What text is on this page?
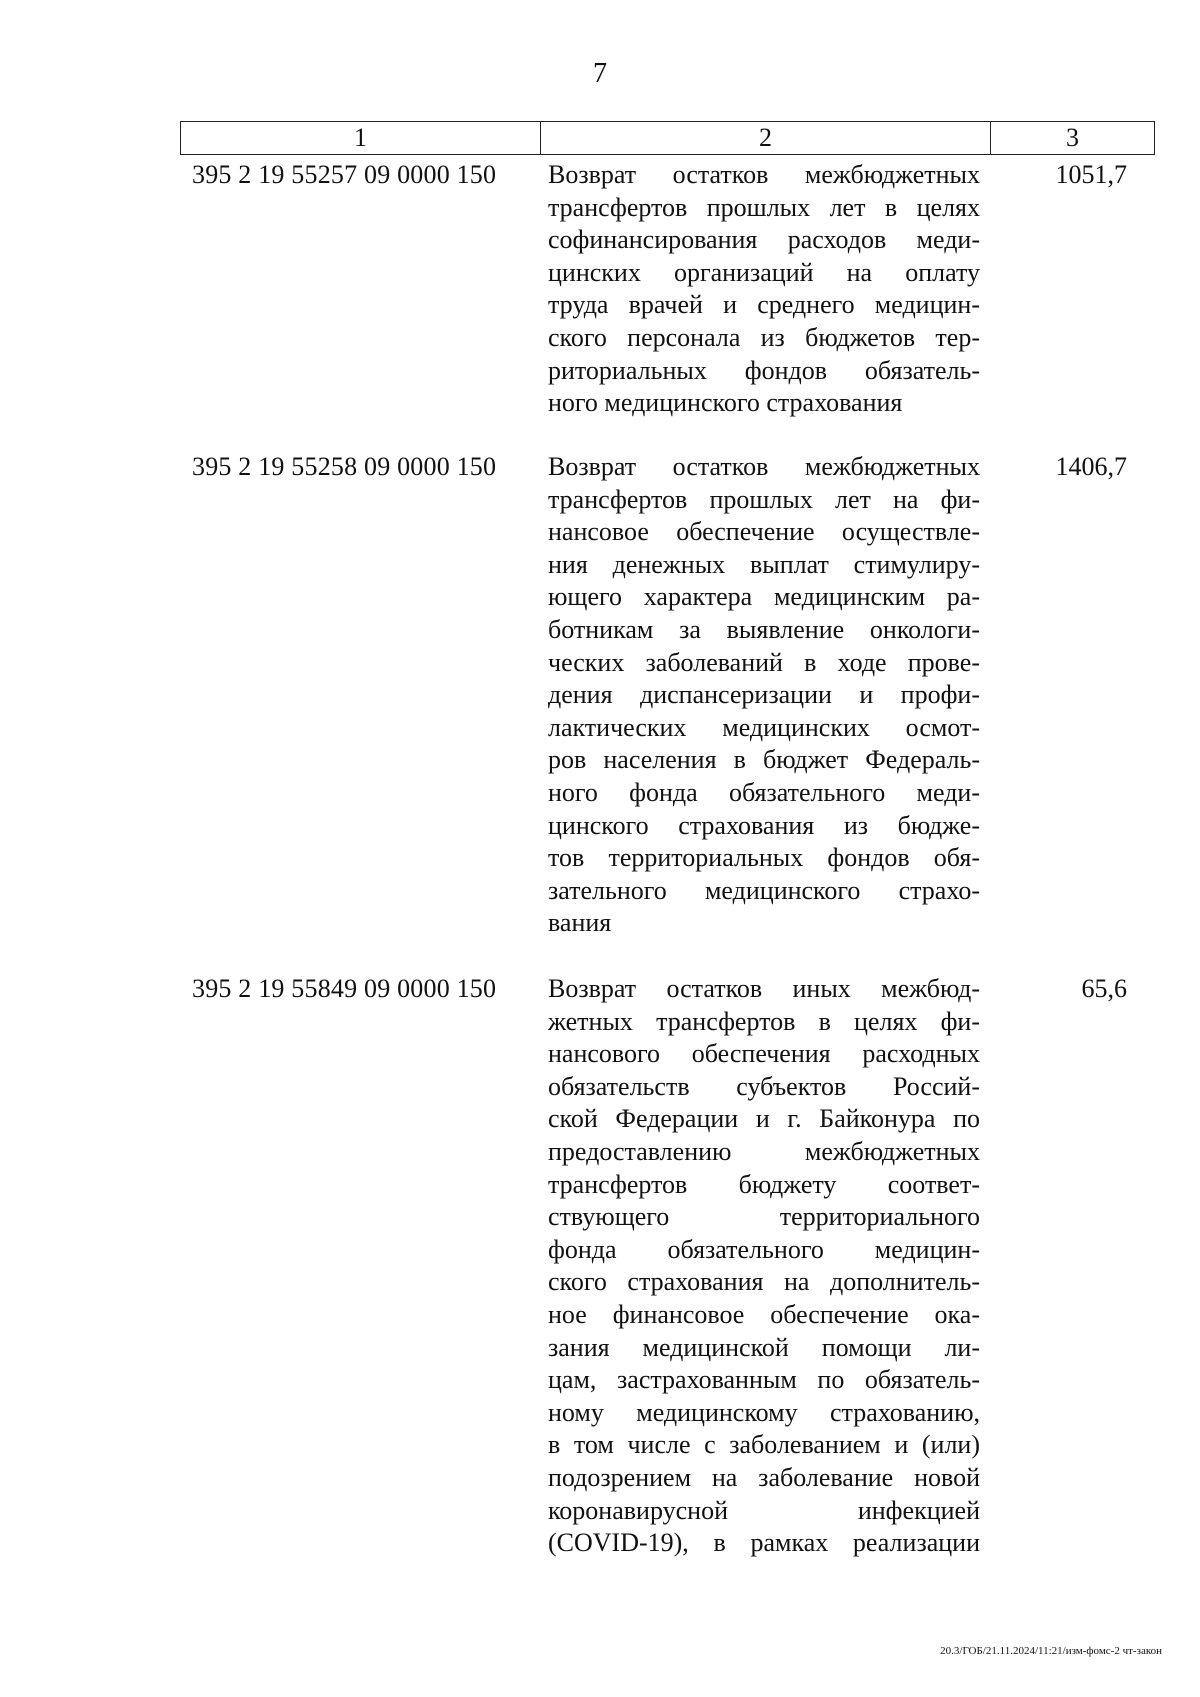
7
1	2	3
395 2 19 55257 09 0000 150 Возврат остатков межбюджетных
трансфертов прошлых лет в целях
софинансирования расходов меди-
цинских организаций на оплату
труда врачей и среднего медицин-
ского персонала из бюджетов тер-
риториальных фондов обязатель-
ного медицинского страхования
1051,7
395 2 19 55258 09 0000 150 Возврат остатков межбюджетных
трансфертов прошлых лет на фи-
нансовое обеспечение осуществле-
ния денежных выплат стимулиру-
ющего характера медицинским ра-
ботникам за выявление онкологи-
ческих заболеваний в ходе прове-
дения диспансеризации и профи-
лактических медицинских осмот-
ров населения в бюджет Федераль-
ного фонда обязательного меди-
цинского страхования из бюдже-
тов территориальных фондов обя-
зательного медицинского страхо-
вания
1406,7
395 2 19 55849 09 0000 150 Возврат остатков иных межбюд-
жетных трансфертов в целях фи-
нансового обеспечения расходных
обязательств субъектов Россий-
ской Федерации и г. Байконура по
предоставлению межбюджетных
трансфертов бюджету соответ-
ствующего территориального
фонда обязательного медицин-
ского страхования на дополнитель-
ное финансовое обеспечение ока-
зания медицинской помощи ли-
цам, застрахованным по обязатель-
ному медицинскому страхованию,
в том числе с заболеванием и (или)
подозрением на заболевание новой
коронавирусной инфекцией
(COVID-19), в рамках реализации
65,6
20.3/ГОБ/21.11.2024/11:21/изм-фомс-2 чт-закон
